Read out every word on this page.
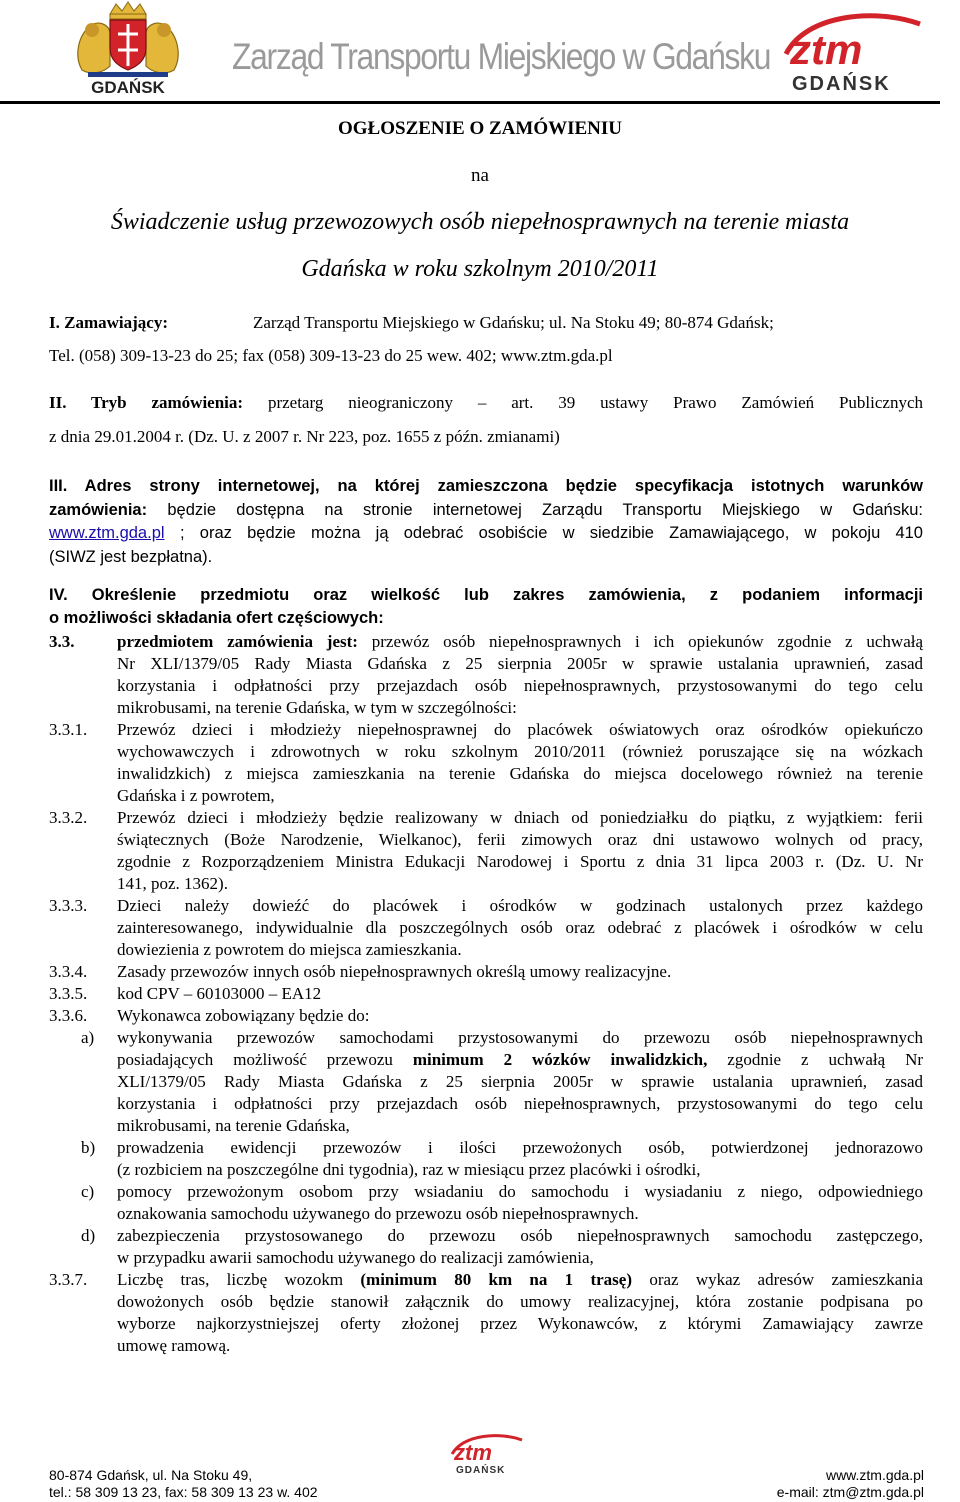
GDAŃSK
Zarząd Transportu Miejskiego w Gdańsku ztm
GDAŃSK
OGŁOSZENIE O ZAMÓWIENIU
na
Świadczenie usług przewozowych osób niepełnosprawnych na terenie miasta
Gdańska w roku szkolnym 2010/2011
I. Zamawiający:	Zarząd Transportu Miejskiego w Gdańsku; ul. Na Stoku 49; 80-874 Gdańsk;
Tel. (058) 309-13-23 do 25; fax (058) 309-13-23 do 25 wew. 402; www.ztm.gda.pl
II. Tryb zamówienia: przetarg nieograniczony – art. 39 ustawy Prawo Zamówień Publicznych
z dnia 29.01.2004 r. (Dz. U. z 2007 r. Nr 223, poz. 1655 z późn. zmianami)
III. Adres strony internetowej, na której zamieszczona będzie specyfikacja istotnych warunków
zamówienia: będzie dostępna na stronie internetowej Zarządu Transportu Miejskiego w Gdańsku:
www.ztm.gda.pl ; oraz będzie można ją odebrać osobiście w siedzibie Zamawiającego, w pokoju 410
(SIWZ jest bezpłatna).
IV. Określenie przedmiotu oraz wielkość lub zakres zamówienia, z podaniem informacji
o możliwości składania ofert częściowych:
3.3.	przedmiotem zamówienia jest: przewóz osób niepełnosprawnych i ich opiekunów zgodnie z uchwałą
Nr XLI/1379/05 Rady Miasta Gdańska z 25 sierpnia 2005r w sprawie ustalania uprawnień, zasad
korzystania i odpłatności przy przejazdach osób niepełnosprawnych, przystosowanymi do tego celu
mikrobusami, na terenie Gdańska, w tym w szczególności:
3.3.1. Przewóz dzieci i młodzieży niepełnosprawnej do placówek oświatowych oraz ośrodków opiekuńczo
wychowawczych i zdrowotnych w roku szkolnym 2010/2011 (również poruszające się na wózkach
inwalidzkich) z miejsca zamieszkania na terenie Gdańska do miejsca docelowego również na terenie
Gdańska i z powrotem,
3.3.2. Przewóz dzieci i młodzieży będzie realizowany w dniach od poniedziałku do piątku, z wyjątkiem: ferii
świątecznych (Boże Narodzenie, Wielkanoc), ferii zimowych oraz dni ustawowo wolnych od pracy,
zgodnie z Rozporządzeniem Ministra Edukacji Narodowej i Sportu z dnia 31 lipca 2003 r. (Dz. U. Nr
141, poz. 1362).
3.3.3. Dzieci należy dowieźć do placówek i ośrodków w godzinach ustalonych przez każdego
zainteresowanego, indywidualnie dla poszczególnych osób oraz odebrać z placówek i ośrodków w celu
dowiezienia z powrotem do miejsca zamieszkania.
3.3.4. Zasady przewozów innych osób niepełnosprawnych określą umowy realizacyjne.
3.3.5. kod CPV – 60103000 – EA12
3.3.6. Wykonawca zobowiązany będzie do:
a) wykonywania przewozów samochodami przystosowanymi do przewozu osób niepełnosprawnych
posiadających możliwość przewozu minimum 2 wózków inwalidzkich, zgodnie z uchwałą Nr
XLI/1379/05 Rady Miasta Gdańska z 25 sierpnia 2005r w sprawie ustalania uprawnień, zasad
korzystania i odpłatności przy przejazdach osób niepełnosprawnych, przystosowanymi do tego celu
mikrobusami, na terenie Gdańska,
b) prowadzenia ewidencji przewozów i ilości przewożonych osób, potwierdzonej jednorazowo
(z rozbiciem na poszczególne dni tygodnia), raz w miesiącu przez placówki i ośrodki,
c) pomocy przewożonym osobom przy wsiadaniu do samochodu i wysiadaniu z niego, odpowiedniego
oznakowania samochodu używanego do przewozu osób niepełnosprawnych.
d) zabezpieczenia przystosowanego do przewozu osób niepełnosprawnych samochodu zastępczego,
w przypadku awarii samochodu używanego do realizacji zamówienia,
3.3.7. Liczbę tras, liczbę wozokm (minimum 80 km na 1 trasę) oraz wykaz adresów zamieszkania
dowożonych osób będzie stanowił załącznik do umowy realizacyjnej, która zostanie podpisana po
wyborze najkorzystniejszej oferty złożonej przez Wykonawców, z którymi Zamawiający zawrze
umowę ramową.
ztm
GDAŃSK
80-874 Gdańsk, ul. Na Stoku 49,
tel.: 58 309 13 23, fax: 58 309 13 23 w. 402
www.ztm.gda.pl
e-mail: ztm@ztm.gda.pl
